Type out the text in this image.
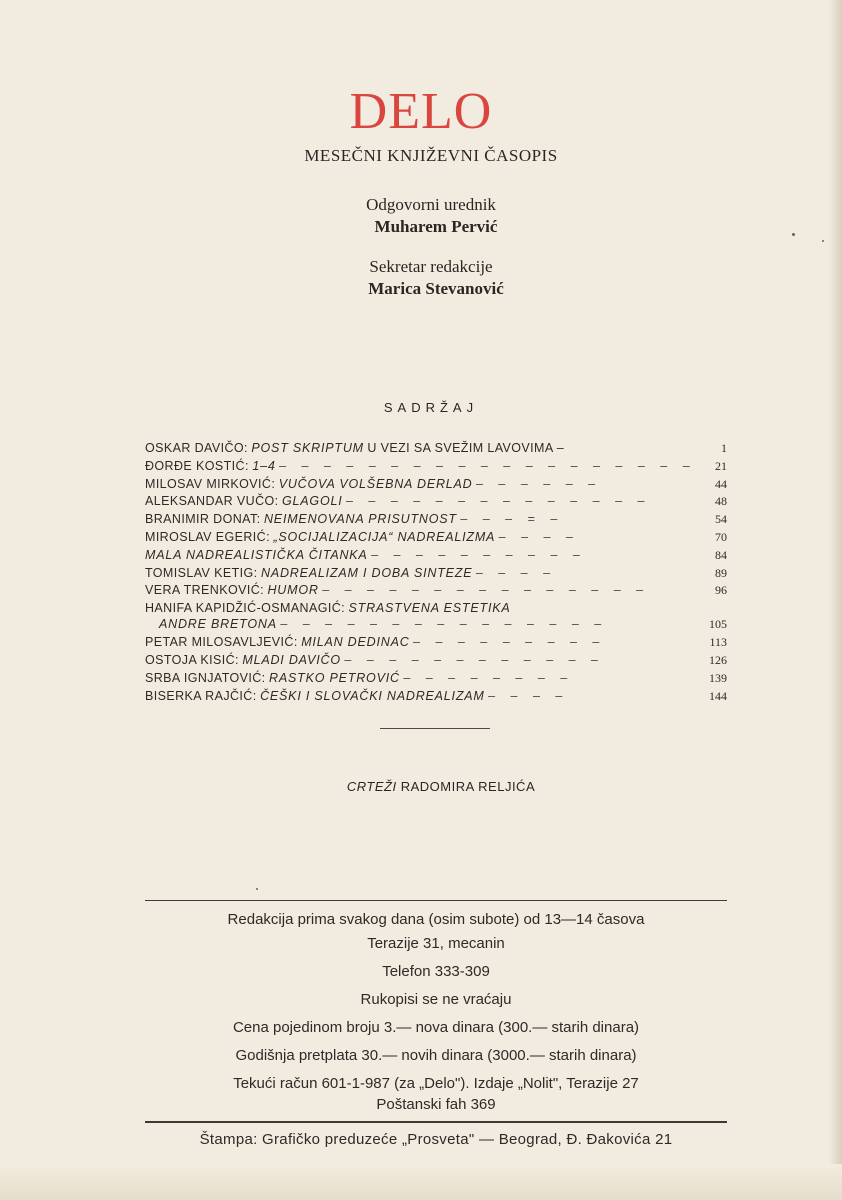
DELO
MESEČNI KNJIŽEVNI ČASOPIS
Odgovorni urednik
Muharem Pervić
Sekretar redakcije
Marica Stevanović
SADRŽAJ
OSKAR DAVIČO: POST SKRIPTUM U VEZI SA SVEŽIM LAVOVIMA –	1
ĐORĐE KOSTIĆ: 1–4 – – – – – – – – – – – – – – – – – – –	21
MILOSAV MIRKOVIĆ: VUČOVA VOLŠEBNA DERLAD – – – – – –	44
ALEKSANDAR VUČO: GLAGOLI – – – – – – – – – – – – – –	48
BRANIMIR DONAT: NEIMENOVANA PRISUTNOST – – – = –	54
MIROSLAV EGERIĆ: „SOCIJALIZACIJA“ NADREALIZMA – – – –	70
MALA NADREALISTIČKA ČITANKA – – – – – – – – – –	84
TOMISLAV KETIG: NADREALIZAM I DOBA SINTEZE – – – –	89
VERA TRENKOVIĆ: HUMOR – – – – – – – – – – – – – – –	96
HANIFA KAPIDŽIĆ-OSMANAGIĆ: STRASTVENA ESTETIKA
ANDRE BRETONA – – – – – – – – – – – – – – –	105
PETAR MILOSAVLJEVIĆ: MILAN DEDINAC – – – – – – – – –	113
OSTOJA KISIĆ: MLADI DAVIČO – – – – – – – – – – – –	126
SRBA IGNJATOVIĆ: RASTKO PETROVIĆ – – – – – – – –	139
BISERKA RAJČIĆ: ČEŠKI I SLOVAČKI NADREALIZAM – – – –	144
CRTEŽI RADOMIRA RELJIĆA
Redakcija prima svakog dana (osim subote) od 13—14 časova
Terazije 31, mecanin
Telefon 333-309
Rukopisi se ne vraćaju
Cena pojedinom broju 3.— nova dinara (300.— starih dinara)
Godišnja pretplata 30.— novih dinara (3000.— starih dinara)
Tekući račun 601-1-987 (za „Delo"). Izdaje „Nolit", Terazije 27
Poštanski fah 369
Štampa: Grafičko preduzeće „Prosveta" — Beograd, Đ. Đakovića 21
